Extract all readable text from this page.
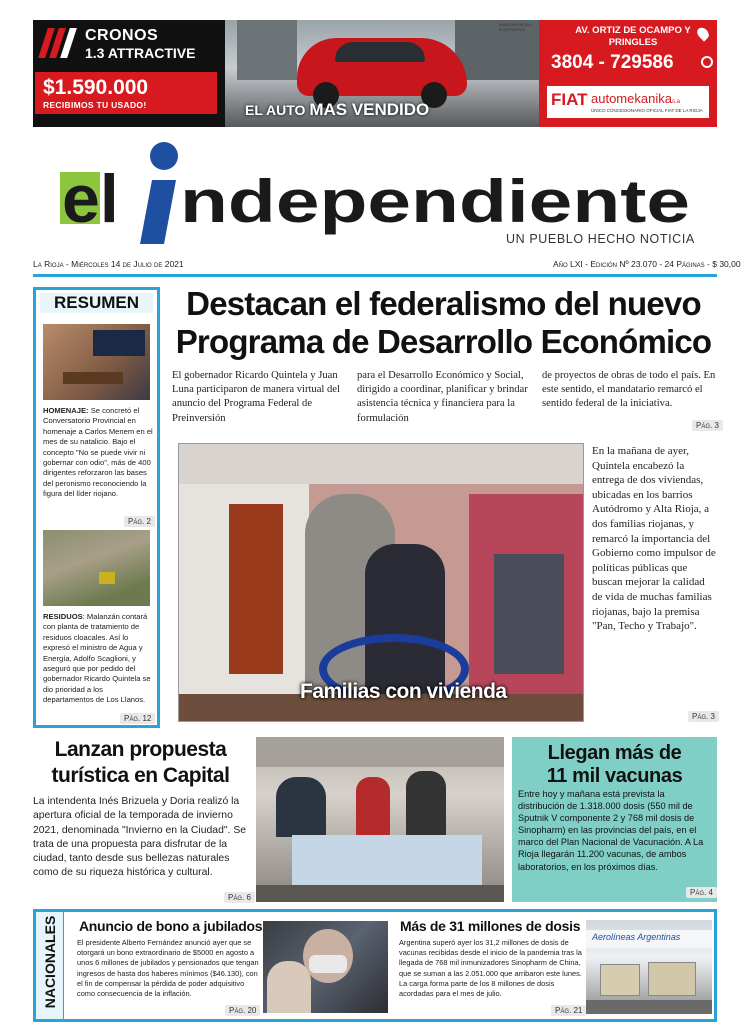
CRONOS
1.3 ATTRACTIVE
$1.590.000
RECIBIMOS TU USADO!
IMAGEN A MODO ILUSTRATIVO
EL AUTO MAS VENDIDO
AV. ORTIZ DE OCAMPO Y PRINGLES
3804 - 729586
FIAT automekanikas.a
ÚNICO CONCESIONARIO OFICIAL FIAT DE LA RIOJA
el ndependiente
UN PUEBLO HECHO NOTICIA
La Rioja - Miércoles 14 de Julio de 2021	Año LXI - Edición Nº 23.070 - 24 Páginas - $ 30,00
RESUMEN
HOMENAJE: Se concretó el Conversatorio Provincial en homenaje a Carlos Menem en el mes de su natalicio. Bajo el concepto "No se puede vivir ni gobernar con odio", más de 400 dirigentes reforzaron las bases del peronismo reconociendo la figura del líder riojano.
Pág. 2
RESIDUOS: Malanzán contará con planta de tratamiento de residuos cloacales. Así lo expresó el ministro de Agua y Energía, Adolfo Scaglioni, y aseguró que por pedido del gobernador Ricardo Quintela se dio prioridad a los departamentos de Los Llanos.
Pág. 12
Destacan el federalismo del nuevo
Programa de Desarrollo Económico
El gobernador Ricardo Quintela y Juan Luna participaron de manera virtual del anuncio del Programa Federal de Preinversión
para el Desarrollo Económico y Social, dirigido a coordinar, planificar y brindar asistencia técnica y financiera para la formulación
de proyectos de obras de todo el país. En este sentido, el mandatario remarcó el sentido federal de la iniciativa.
Pág. 3
Familias con vivienda
En la mañana de ayer, Quintela encabezó la entrega de dos viviendas, ubicadas en los barrios Autódromo y Alta Rioja, a dos familias riojanas, y remarcó la importancia del Gobierno como impulsor de políticas públicas que buscan mejorar la calidad de vida de muchas familias riojanas, bajo la premisa "Pan, Techo y Trabajo".
Pág. 3
Lanzan propuesta
turística en Capital
La intendenta Inés Brizuela y Doria realizó la apertura oficial de la temporada de invierno 2021, denominada "Invierno en la Ciudad". Se trata de una propuesta para disfrutar de la ciudad, tanto desde sus bellezas naturales como de su riqueza histórica y cultural.
Pág. 6
Llegan más de
11 mil vacunas
Entre hoy y mañana está prevista la distribución de 1.318.000 dosis (550 mil de Sputnik V componente 2 y 768 mil dosis de Sinopharm) en las provincias del país, en el marco del Plan Nacional de Vacunación. A La Rioja llegarán 11.200 vacunas, de ambos laboratorios, en los próximos días.
Pág. 4
NACIONALES Anuncio de bono a jubilados
El presidente Alberto Fernández anunció ayer que se otorgará un bono extraordinario de $5000 en agosto a unos 6 millones de jubilados y pensionados que tengan ingresos de hasta dos haberes mínimos ($46.130), con el fin de compensar la pérdida de poder adquisitivo como consecuencia de la inflación.
Pág. 20
Más de 31 millones de dosis
Argentina superó ayer los 31,2 millones de dosis de vacunas recibidas desde el inicio de la pandemia tras la llegada de 768 mil inmunizadores Sinopharm de China, que se suman a las 2.051.000 que arribaron este lunes. La carga forma parte de los 8 millones de dosis acordadas para el mes de julio.
Pág. 21
Aerolíneas Argentinas
